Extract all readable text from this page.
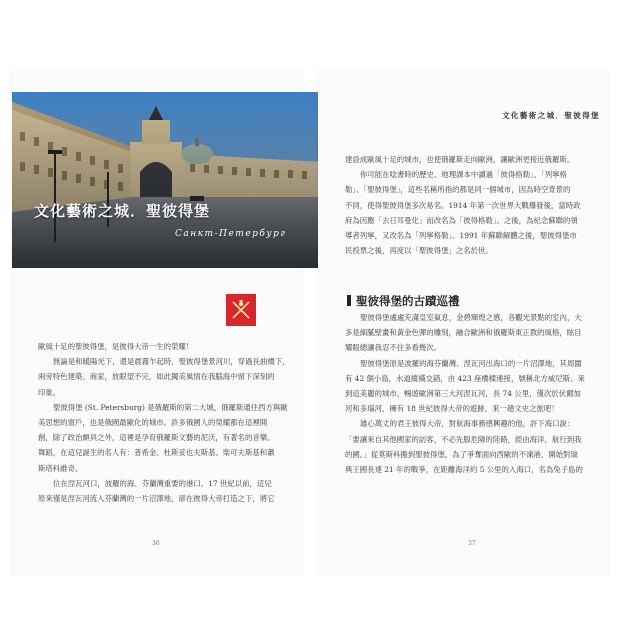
文化藝術之城．聖彼得堡
Санкт-Петербург

歐風十足的聖彼得堡，是彼得大帝一生的榮耀！

無論是和暖陽光下，還是晨霧乍起時，聖彼得堡景河川，穿過長曲橋下，

兩旁特色建築、商家，放眼望不完，如此獨美風情在我腦海中留下深刻的

印象。

聖彼得堡 (St. Petersburg) 是俄羅斯的第二大城，俄羅斯通往西方與歐

美思想的窗戶，也是俄國最歐化的城市。許多俄國人的榮耀都在這裡開

創，除了政治頗具之外，這裡是孕育俄羅斯文藝的泥沃，有著名的音樂、

舞蹈，在這兒誕生的名人有：普希金、杜斯妥也夫斯基、柴可夫斯基和蕭

斯塔科維奇。

位在涅瓦河口，波羅的海、芬蘭灣重要的港口。17 世紀以前，這兒

原來僅是涅瓦河流入芬蘭灣的一片沼澤地，卻在彼得大帝打造之下，將它

36
文化藝術之城．聖彼得堡

建設成歐風十足的城市，也使俄羅斯走向歐洲，讓歐洲更接近俄羅斯。

你可能在唸書時的歷史、地理課本中讀過「彼得格勒」、「列寧格

勒」、「聖彼得堡」，這些名稱所指的都是同一個城市，因為時空背景的

不同，使得聖彼得堡多次易名。1914 年第一次世界大戰爆發後，當時政

府為因應「去日耳曼化」而改名為「彼得格勒」。之後，為紀念蘇聯的領

導者列寧，又改名為「列寧格勒」。1991 年蘇聯解體之後，聖彼得堡市

民投票之後，再度以「聖彼得堡」之名於世。

聖彼得堡的古蹟巡禮

聖彼得堡處處充滿皇室氣息，金碧輝煌之感，各觀光景點的室內，大

多是細膩壁畫和黃金色彈的雕刻，融合歐洲和俄羅斯東正教的風格，眩目

耀眼總讓我忍不住多看幾次。

聖彼得堡原是波羅的海芬蘭灣、涅瓦河出海口的一片沼澤地，其周圍

有 42 個小島，水道縱橫交錯，由 423 座橋樑連接，號稱北方威尼斯。來

到這美麗的城市，暢遊歐洲第三大河涅瓦河，長 74 公里，僅次於伏爾加

河和多瑙河，擁有 18 世紀彼得大帝的遊跡，來一趟文史之旅吧！

雄心萬丈的君王彼得大帝，對航海事務感興趣的他，許下海口說：

「要讓來自其他國家的訪客，不必先服危險的陸路，經由海洋，航行到我

的國。」從莫斯科搬到聖彼得堡，為了爭奪面向西歐的不凍港，開始對瑞

典王國長達 21 年的戰爭，在距離海洋約 5 公里的入海口，名為兔子島的

37
